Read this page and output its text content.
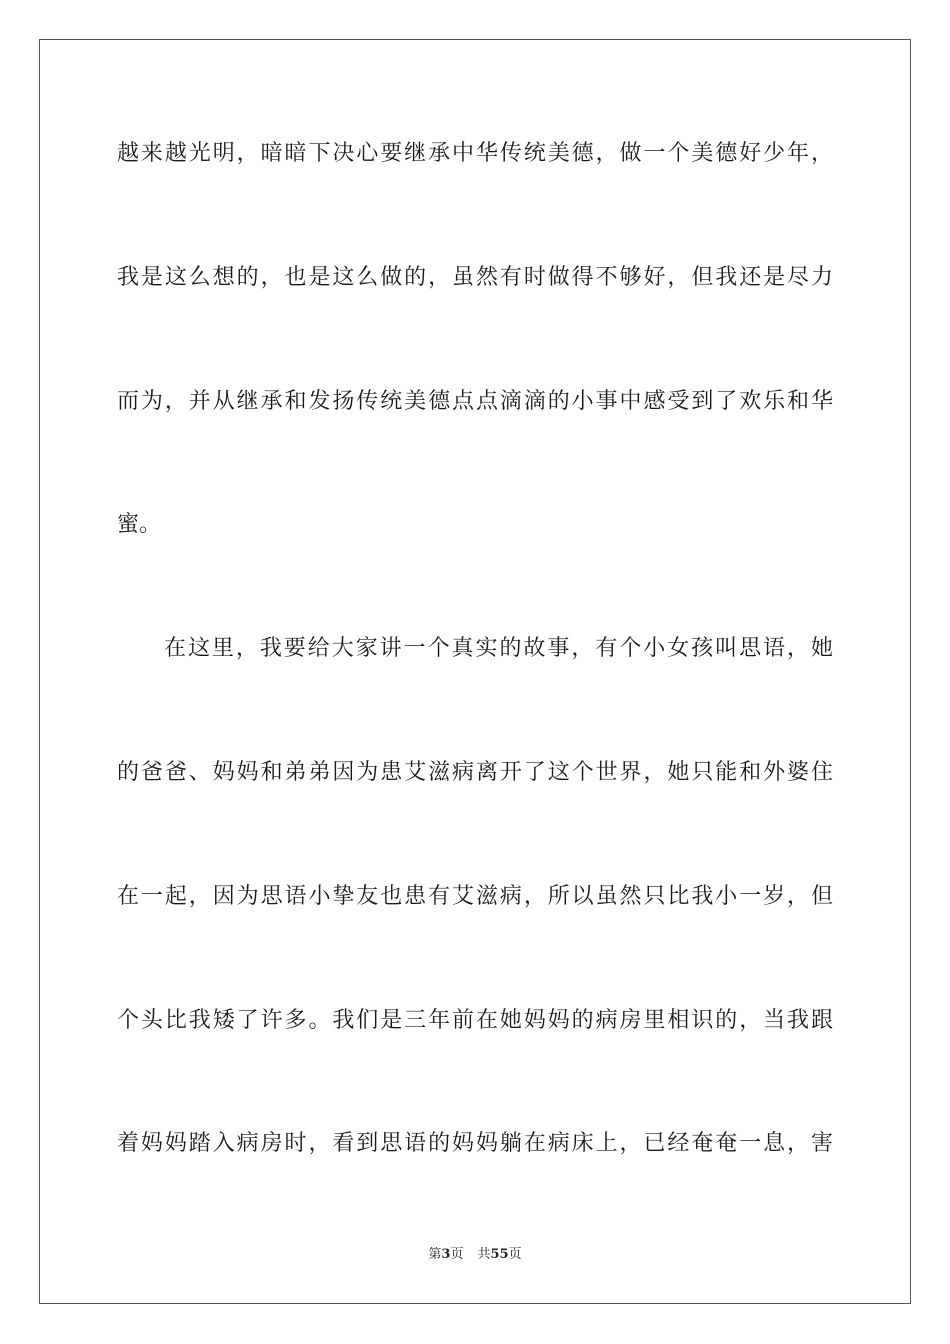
越来越光明，暗暗下决心要继承中华传统美德，做一个美德好少年，
我是这么想的，也是这么做的，虽然有时做得不够好，但我还是尽力
而为，并从继承和发扬传统美德点点滴滴的小事中感受到了欢乐和华
蜜。
在这里，我要给大家讲一个真实的故事，有个小女孩叫思语，她
的爸爸、妈妈和弟弟因为患艾滋病离开了这个世界，她只能和外婆住
在一起，因为思语小挚友也患有艾滋病，所以虽然只比我小一岁，但
个头比我矮了许多。我们是三年前在她妈妈的病房里相识的，当我跟
着妈妈踏入病房时，看到思语的妈妈躺在病床上，已经奄奄一息，害
第3页 共55页
